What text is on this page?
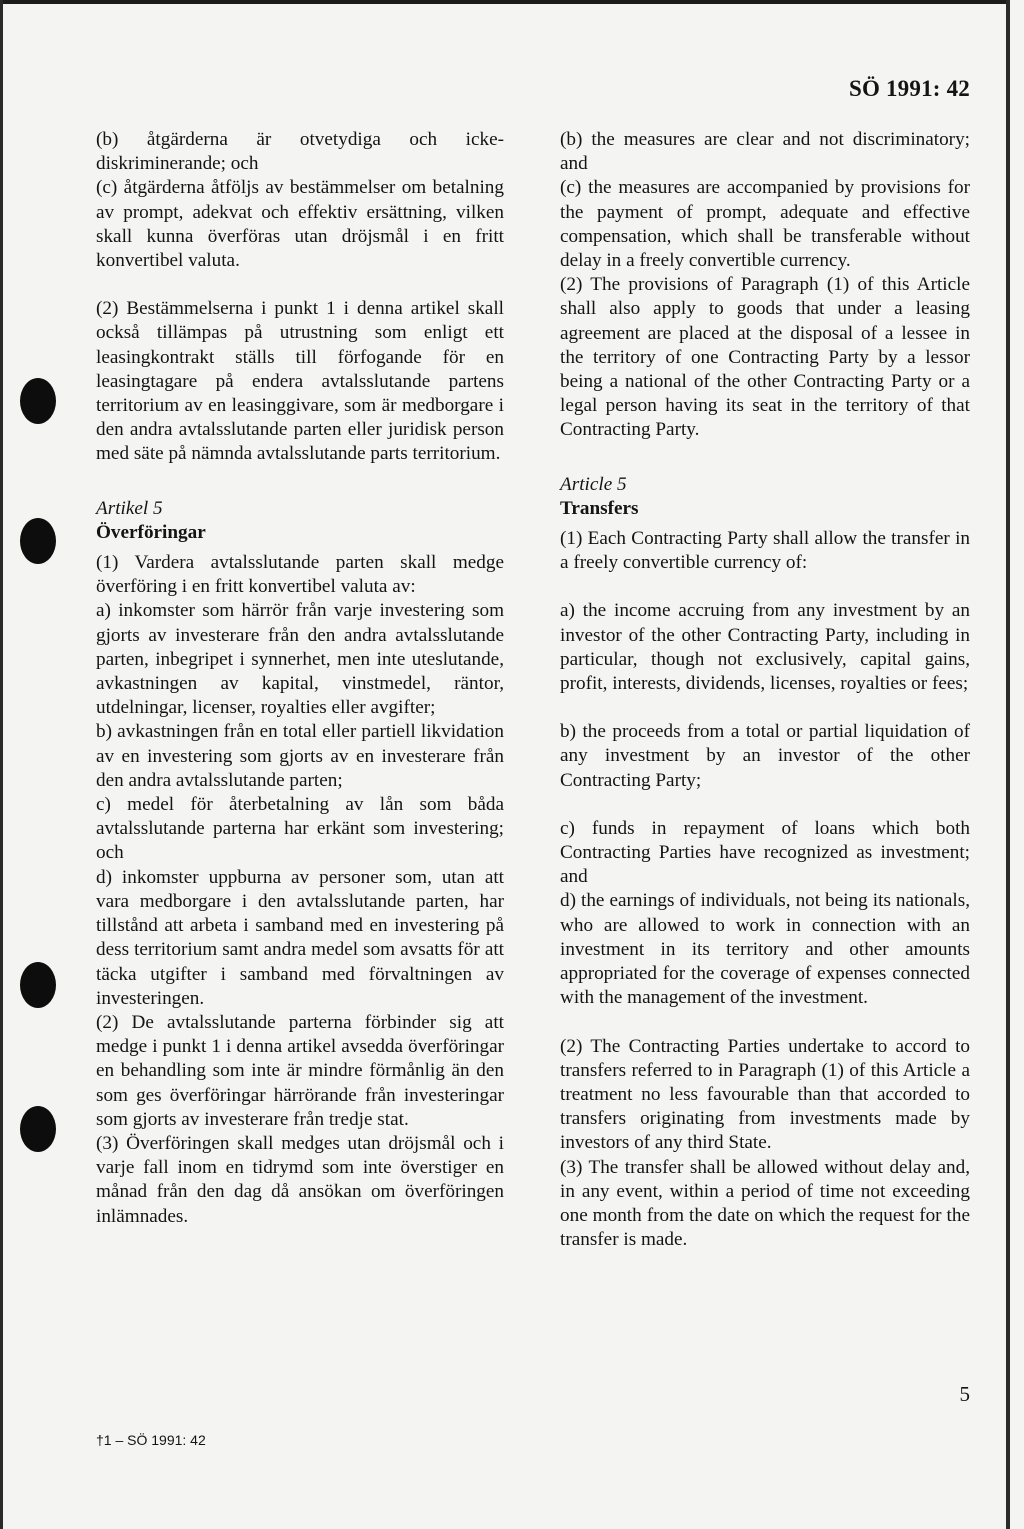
SÖ 1991: 42

(b) åtgärderna är otvetydiga och icke-diskriminerande; och

(c) åtgärderna åtföljs av bestämmelser om betalning av prompt, adekvat och effektiv ersättning, vilken skall kunna överföras utan dröjsmål i en fritt konvertibel valuta.

(2) Bestämmelserna i punkt 1 i denna artikel skall också tillämpas på utrustning som enligt ett leasingkontrakt ställs till förfogande för en leasingtagare på endera avtalsslutande partens territorium av en leasinggivare, som är medborgare i den andra avtalsslutande parten eller juridisk person med säte på nämnda avtalsslutande parts territorium.

Artikel 5

Överföringar

(1) Vardera avtalsslutande parten skall medge överföring i en fritt konvertibel valuta av:

a) inkomster som härrör från varje investering som gjorts av investerare från den andra avtalsslutande parten, inbegripet i synnerhet, men inte uteslutande, avkastningen av kapital, vinstmedel, räntor, utdelningar, licenser, royalties eller avgifter;

b) avkastningen från en total eller partiell likvidation av en investering som gjorts av en investerare från den andra avtalsslutande parten;

c) medel för återbetalning av lån som båda avtalsslutande parterna har erkänt som investering; och

d) inkomster uppburna av personer som, utan att vara medborgare i den avtalsslutande parten, har tillstånd att arbeta i samband med en investering på dess territorium samt andra medel som avsatts för att täcka utgifter i samband med förvaltningen av investeringen.

(2) De avtalsslutande parterna förbinder sig att medge i punkt 1 i denna artikel avsedda överföringar en behandling som inte är mindre förmånlig än den som ges överföringar härrörande från investeringar som gjorts av investerare från tredje stat.

(3) Överföringen skall medges utan dröjsmål och i varje fall inom en tidrymd som inte överstiger en månad från den dag då ansökan om överföringen inlämnades.

(b) the measures are clear and not discriminatory; and

(c) the measures are accompanied by provisions for the payment of prompt, adequate and effective compensation, which shall be transferable without delay in a freely convertible currency.

(2) The provisions of Paragraph (1) of this Article shall also apply to goods that under a leasing agreement are placed at the disposal of a lessee in the territory of one Contracting Party by a lessor being a national of the other Contracting Party or a legal person having its seat in the territory of that Contracting Party.

Article 5

Transfers

(1) Each Contracting Party shall allow the transfer in a freely convertible currency of:

a) the income accruing from any investment by an investor of the other Contracting Party, including in particular, though not exclusively, capital gains, profit, interests, dividends, licenses, royalties or fees;

b) the proceeds from a total or partial liquidation of any investment by an investor of the other Contracting Party;

c) funds in repayment of loans which both Contracting Parties have recognized as investment; and

d) the earnings of individuals, not being its nationals, who are allowed to work in connection with an investment in its territory and other amounts appropriated for the coverage of expenses connected with the management of the investment.

(2) The Contracting Parties undertake to accord to transfers referred to in Paragraph (1) of this Article a treatment no less favourable than that accorded to transfers originating from investments made by investors of any third State.

(3) The transfer shall be allowed without delay and, in any event, within a period of time not exceeding one month from the date on which the request for the transfer is made.

5
†1 – SÖ 1991: 42
